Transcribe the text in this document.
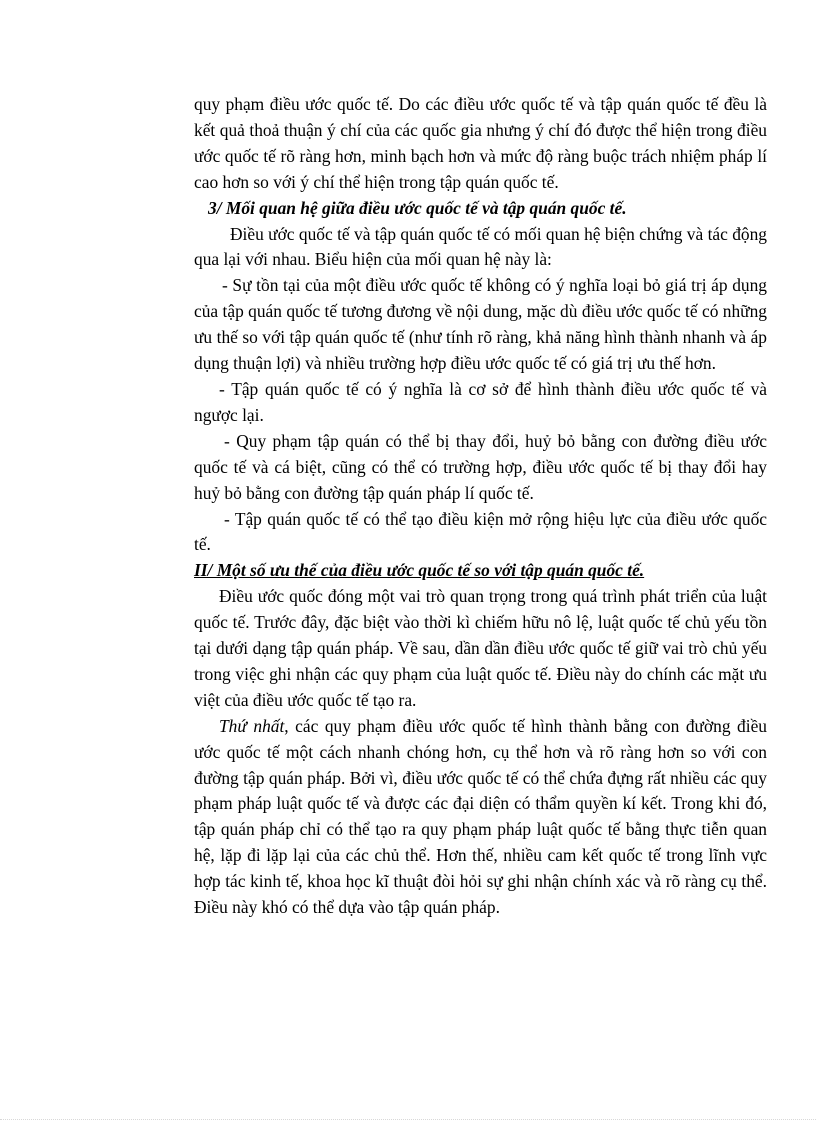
quy phạm điều ước quốc tế. Do các điều ước quốc tế và tập quán quốc tế đều là kết quả thoả thuận ý chí của các quốc gia nhưng ý chí đó được thể hiện trong điều ước quốc tế rõ ràng hơn, minh bạch hơn và mức độ ràng buộc trách nhiệm pháp lí cao hơn so với ý chí thể hiện trong tập quán quốc tế.

3/ Mối quan hệ giữa điều ước quốc tế và tập quán quốc tế.

Điều ước quốc tế và tập quán quốc tế có mối quan hệ biện chứng và tác động qua lại với nhau. Biểu hiện của mối quan hệ này là:

- Sự tồn tại của một điều ước quốc tế không có ý nghĩa loại bỏ giá trị áp dụng của tập quán quốc tế tương đương về nội dung, mặc dù điều ước quốc tế có những ưu thế so với tập quán quốc tế (như tính rõ ràng, khả năng hình thành nhanh và áp dụng thuận lợi) và nhiều trường hợp điều ước quốc tế có giá trị ưu thế hơn.

- Tập quán quốc tế có ý nghĩa là cơ sở để hình thành điều ước quốc tế và ngược lại.

- Quy phạm tập quán có thể bị thay đổi, huỷ bỏ bằng con đường điều ước quốc tế và cá biệt, cũng có thể có trường hợp, điều ước quốc tế bị thay đổi hay huỷ bỏ bằng con đường tập quán pháp lí quốc tế.

- Tập quán quốc tế có thể tạo điều kiện mở rộng hiệu lực của điều ước quốc tế.

II/ Một số ưu thế của điều ước quốc tế so với tập quán quốc tế.

Điều ước quốc đóng một vai trò quan trọng trong quá trình phát triển của luật quốc tế. Trước đây, đặc biệt vào thời kì chiếm hữu nô lệ, luật quốc tế chủ yếu tồn tại dưới dạng tập quán pháp. Về sau, dần dần điều ước quốc tế giữ vai trò chủ yếu trong việc ghi nhận các quy phạm của luật quốc tế. Điều này do chính các mặt ưu việt của điều ước quốc tế tạo ra.

Thứ nhất, các quy phạm điều ước quốc tế hình thành bằng con đường điều ước quốc tế một cách nhanh chóng hơn, cụ thể hơn và rõ ràng hơn so với con đường tập quán pháp. Bởi vì, điều ước quốc tế có thể chứa đựng rất nhiều các quy phạm pháp luật quốc tế và được các đại diện có thẩm quyền kí kết. Trong khi đó, tập quán pháp chỉ có thể tạo ra quy phạm pháp luật quốc tế bằng thực tiễn quan hệ, lặp đi lặp lại của các chủ thể. Hơn thế, nhiều cam kết quốc tế trong lĩnh vực hợp tác kinh tế, khoa học kĩ thuật đòi hỏi sự ghi nhận chính xác và rõ ràng cụ thể. Điều này khó có thể dựa vào tập quán pháp.
